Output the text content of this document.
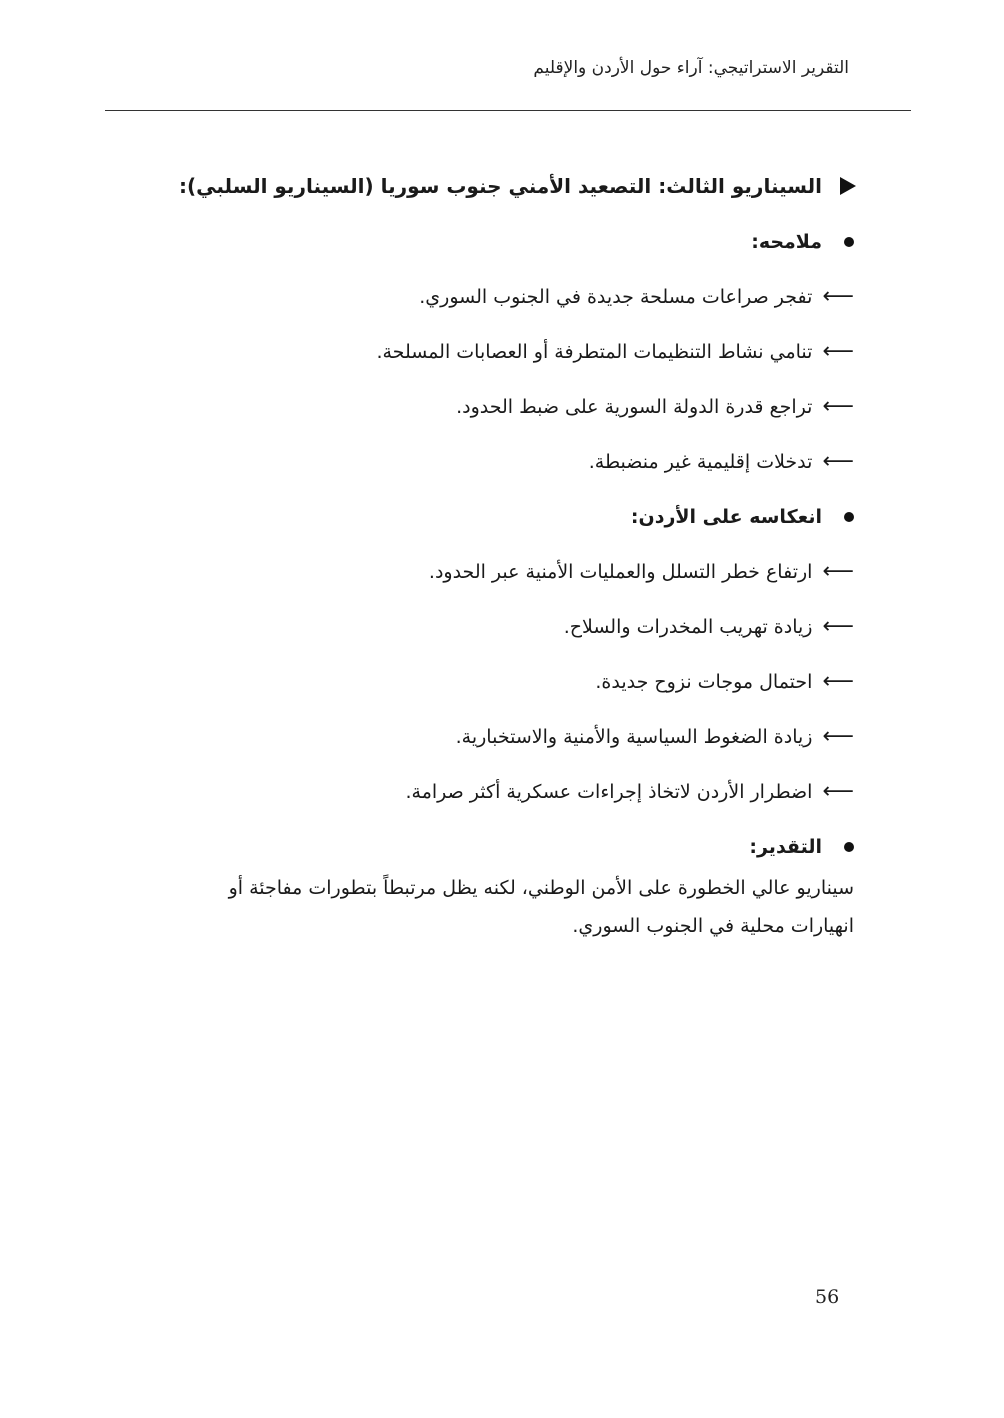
التقرير الاستراتيجي: آراء حول الأردن والإقليم
السيناريو الثالث: التصعيد الأمني جنوب سوريا (السيناريو السلبي):
ملامحه:
⟵
تفجر صراعات مسلحة جديدة في الجنوب السوري.
⟵
تنامي نشاط التنظيمات المتطرفة أو العصابات المسلحة.
⟵
تراجع قدرة الدولة السورية على ضبط الحدود.
⟵
تدخلات إقليمية غير منضبطة.
انعكاسه على الأردن:
⟵
ارتفاع خطر التسلل والعمليات الأمنية عبر الحدود.
⟵
زيادة تهريب المخدرات والسلاح.
⟵
احتمال موجات نزوح جديدة.
⟵
زيادة الضغوط السياسية والأمنية والاستخبارية.
⟵
اضطرار الأردن لاتخاذ إجراءات عسكرية أكثر صرامة.
التقدير:
سيناريو عالي الخطورة على الأمن الوطني، لكنه يظل مرتبطاً بتطورات مفاجئة أو انهيارات محلية في الجنوب السوري.
56
